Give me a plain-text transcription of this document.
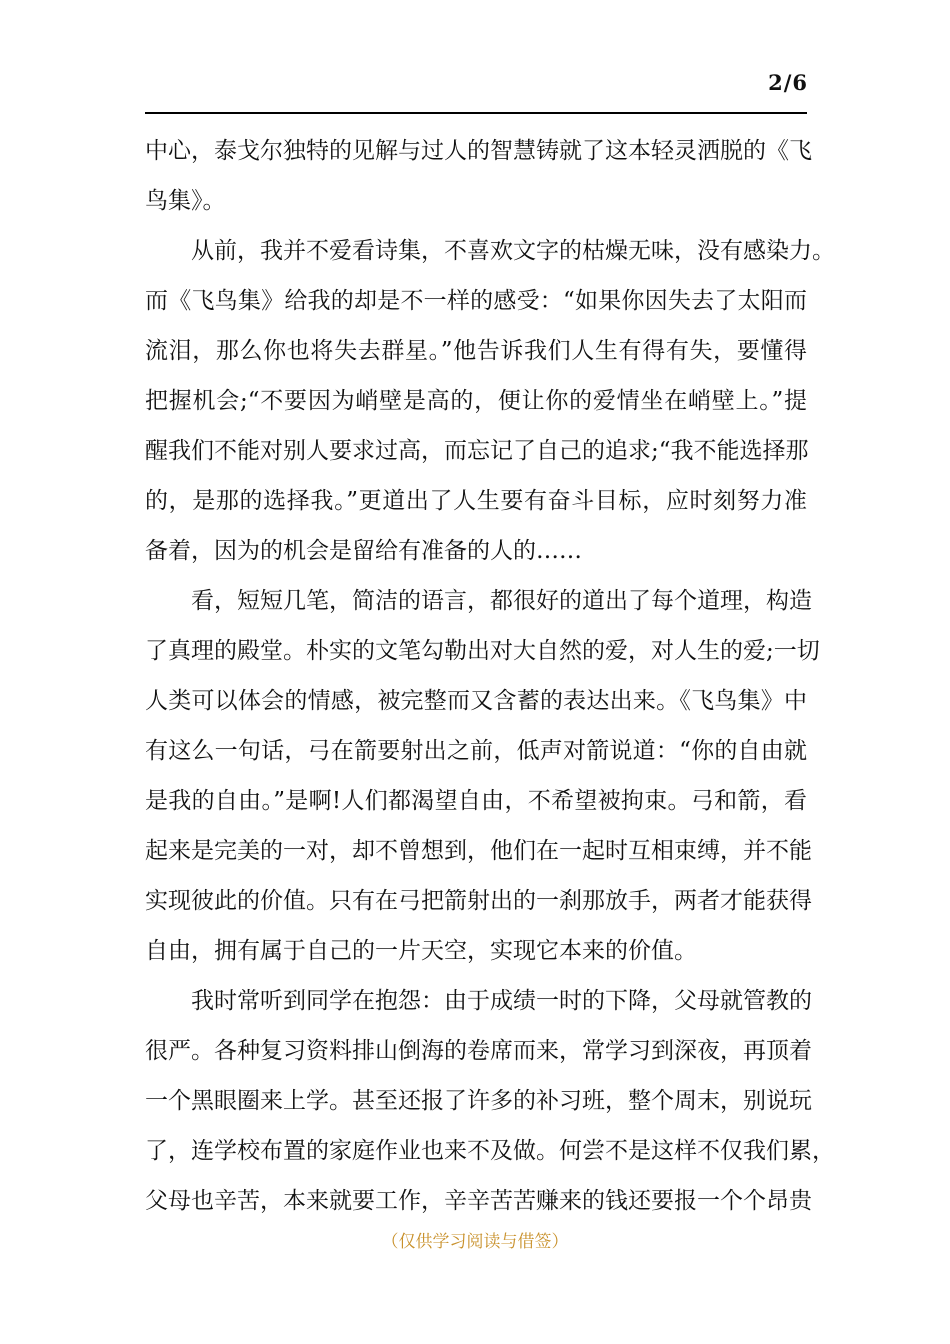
2/6
中心，泰戈尔独特的见解与过人的智慧铸就了这本轻灵洒脱的《飞
鸟集》。
从前，我并不爱看诗集，不喜欢文字的枯燥无味，没有感染力。
而《飞鸟集》给我的却是不一样的感受：“如果你因失去了太阳而
流泪，那么你也将失去群星。”他告诉我们人生有得有失，要懂得
把握机会;“不要因为峭壁是高的，便让你的爱情坐在峭壁上。”提
醒我们不能对别人要求过高，而忘记了自己的追求;“我不能选择那
的，是那的选择我。”更道出了人生要有奋斗目标，应时刻努力准
备着，因为的机会是留给有准备的人的……
看，短短几笔，简洁的语言，都很好的道出了每个道理，构造
了真理的殿堂。朴实的文笔勾勒出对大自然的爱，对人生的爱;一切
人类可以体会的情感，被完整而又含蓄的表达出来。《飞鸟集》中
有这么一句话，弓在箭要射出之前，低声对箭说道：“你的自由就
是我的自由。”是啊!人们都渴望自由，不希望被拘束。弓和箭，看
起来是完美的一对，却不曾想到，他们在一起时互相束缚，并不能
实现彼此的价值。只有在弓把箭射出的一刹那放手，两者才能获得
自由，拥有属于自己的一片天空，实现它本来的价值。
我时常听到同学在抱怨：由于成绩一时的下降，父母就管教的
很严。各种复习资料排山倒海的卷席而来，常学习到深夜，再顶着
一个黑眼圈来上学。甚至还报了许多的补习班，整个周末，别说玩
了，连学校布置的家庭作业也来不及做。何尝不是这样不仅我们累，
父母也辛苦，本来就要工作，辛辛苦苦赚来的钱还要报一个个昂贵
（仅供学习阅读与借签）
